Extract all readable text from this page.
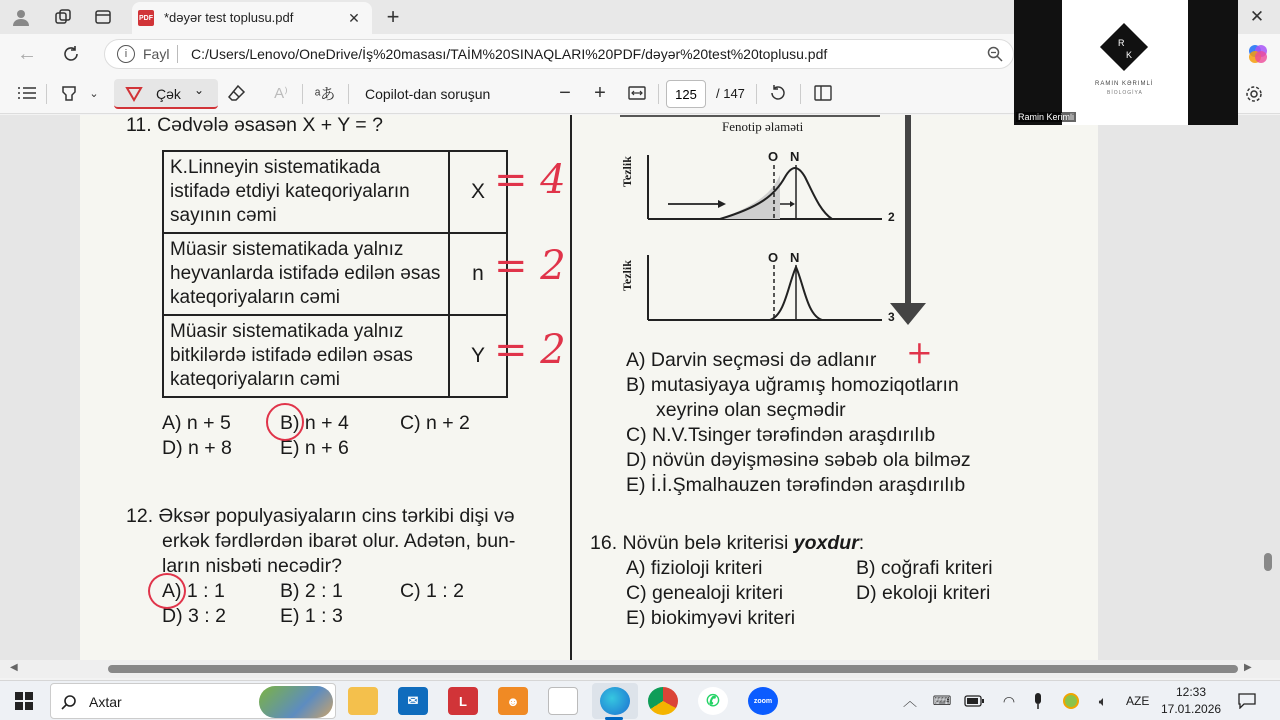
PDF *dəyər test toplusu.pdf	✕ +	✕
←	i	Fayl C:/Users/Lenovo/OneDrive/İş%20masası/TAİM%20SINAQLARI%20PDF/dəyər%20test%20toplusu.pdf
⌄	Çək ⌄	A⁾ ᵃあ Copilot-dan soruşun	− +
125	/ 147
R
K
RAMIN KƏRIMLİ
BİOLOGİYA
Ramin Kerimli
11. Cədvələ əsasən X + Y = ?
K.Linneyin sistematikada istifadə etdiyi kateqoriyaların sayının cəmi	X
Müasir sistematikada yalnız heyvanlarda istifadə edilən əsas kateqoriyaların cəmi	n
Müasir sistematikada yalnız bitkilərdə istifadə edilən əsas kateqoriyaların cəmi	Y
= 4
= 2
= 2
A) n + 5	B) n + 4	C) n + 2
D) n + 8 E) n + 6
12. Əksər populyasiyaların cins tərkibi dişi və
erkək fərdlərdən ibarət olur. Adətən, bun-
ların nisbəti necədir?
A) 1 : 1	B) 2 : 1	C) 1 : 2
D) 3 : 2	E) 1 : 3
Fenotip əlaməti
Tezlik
Tezlik
O N
O N
2
3
A) Darvin seçməsi də adlanır +
B) mutasiyaya uğramış homoziqotların
xeyrinə olan seçmədir
C) N.V.Tsinger tərəfindən araşdırılıb
D) növün dəyişməsinə səbəb ola bilməz
E) İ.İ.Şmalhauzen tərəfindən araşdırılıb
16. Növün belə kriterisi yoxdur:
A) fizioloji kriteri	B) coğrafi kriteri
C) genealoji kriteri	D) ekoloji kriteri
E) biokimyəvi kriteri
◀	▶
Axtar	✉	L	☻	✆	zoom	︿ ⌨	◠	🔈︎	AZE
12:33
17.01.2026
